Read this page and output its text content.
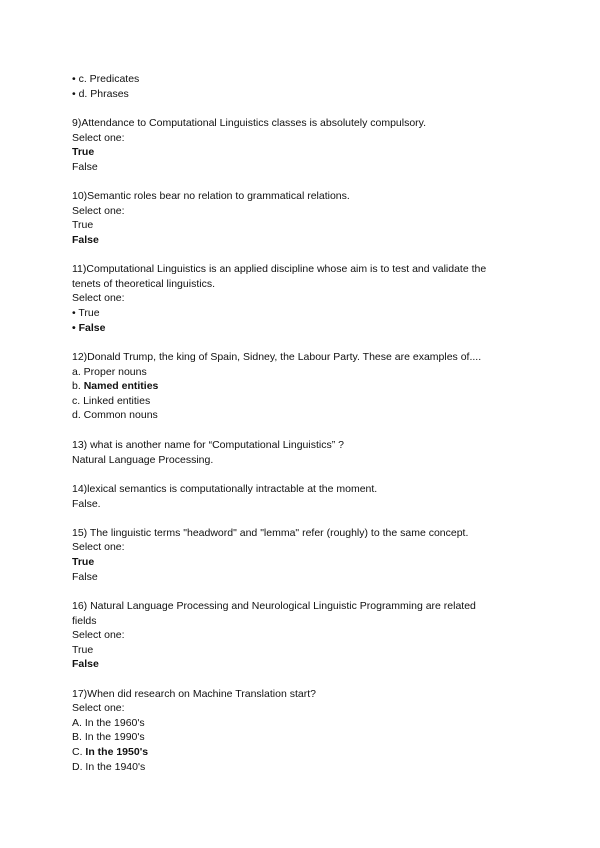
• c. Predicates
• d. Phrases
9)Attendance to Computational Linguistics classes is absolutely compulsory.
Select one:
True
False
10)Semantic roles bear no relation to grammatical relations.
Select one:
True
False
11)Computational Linguistics is an applied discipline whose aim is to test and validate the
tenets of theoretical linguistics.
Select one:
• True
• False
12)Donald Trump, the king of Spain, Sidney, the Labour Party. These are examples of....
a. Proper nouns
b. Named entities
c. Linked entities
d. Common nouns
13) what is another name for “Computational Linguistics” ?
Natural Language Processing.
14)lexical semantics is computationally intractable at the moment.
False.
15) The linguistic terms "headword" and "lemma" refer (roughly) to the same concept.
Select one:
True
False
16) Natural Language Processing and Neurological Linguistic Programming are related
fields
Select one:
True
False
17)When did research on Machine Translation start?
Select one:
A. In the 1960's
B. In the 1990's
C. In the 1950's
D. In the 1940's
